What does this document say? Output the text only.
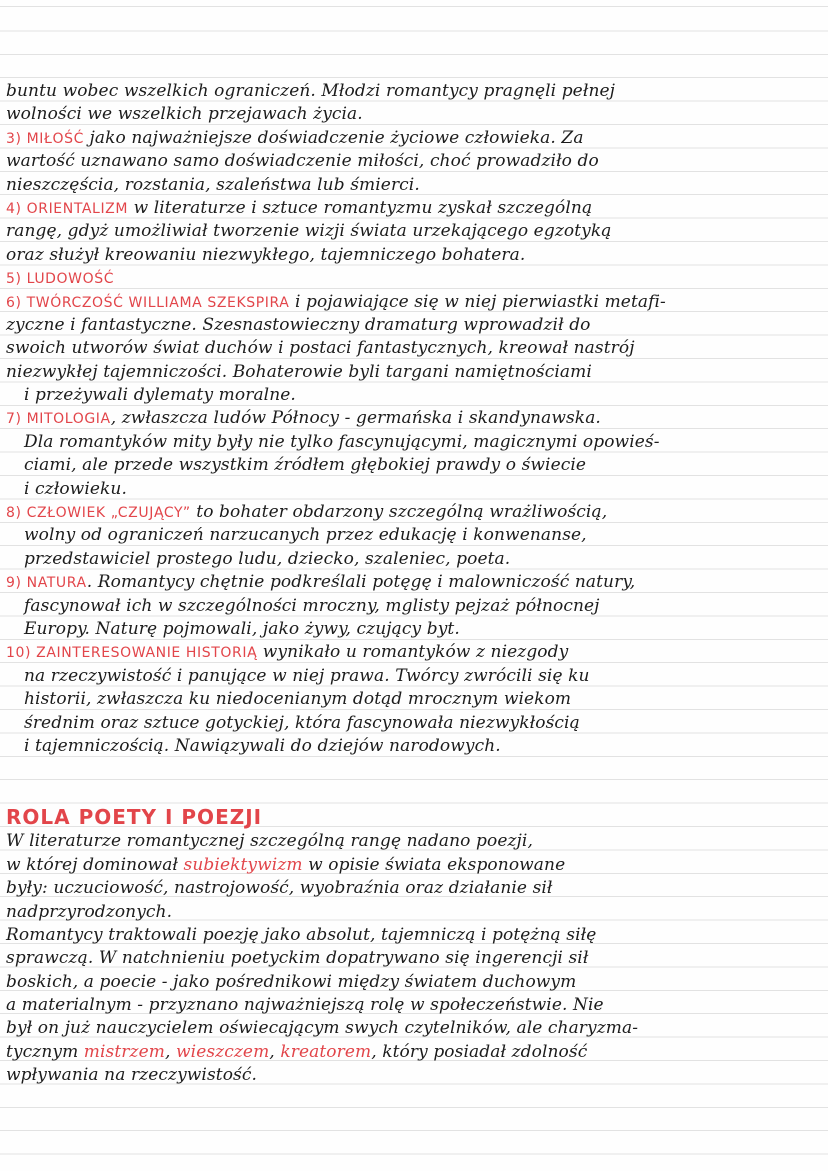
buntu wobec wszelkich ograniczeń. Młodzi romantycy pragnęli pełnej
wolności we wszelkich przejawach życia.
3) MIŁOŚĆ jako najważniejsze doświadczenie życiowe człowieka. Za
wartość uznawano samo doświadczenie miłości, choć prowadziło do
nieszczęścia, rozstania, szaleństwa lub śmierci.
4) ORIENTALIZM w literaturze i sztuce romantyzmu zyskał szczególną
rangę, gdyż umożliwiał tworzenie wizji świata urzekającego egzotyką
oraz służył kreowaniu niezwykłego, tajemniczego bohatera.
5) LUDOWOŚĆ
6) TWÓRCZOŚĆ WILLIAMA SZEKSPIRA i pojawiające się w niej pierwiastki metafi-
zyczne i fantastyczne. Szesnastowieczny dramaturg wprowadził do
swoich utworów świat duchów i postaci fantastycznych, kreował nastrój
niezwykłej tajemniczości. Bohaterowie byli targani namiętnościami
i przeżywali dylematy moralne.
7) MITOLOGIA, zwłaszcza ludów Północy - germańska i skandynawska.
Dla romantyków mity były nie tylko fascynującymi, magicznymi opowieś-
ciami, ale przede wszystkim źródłem głębokiej prawdy o świecie
i człowieku.
8) CZŁOWIEK „CZUJĄCY” to bohater obdarzony szczególną wrażliwością,
wolny od ograniczeń narzucanych przez edukację i konwenanse,
przedstawiciel prostego ludu, dziecko, szaleniec, poeta.
9) NATURA. Romantycy chętnie podkreślali potęgę i malowniczość natury,
fascynował ich w szczególności mroczny, mglisty pejzaż północnej
Europy. Naturę pojmowali, jako żywy, czujący byt.
10) ZAINTERESOWANIE HISTORIĄ wynikało u romantyków z niezgody
na rzeczywistość i panujące w niej prawa. Twórcy zwrócili się ku
historii, zwłaszcza ku niedocenianym dotąd mrocznym wiekom
średnim oraz sztuce gotyckiej, która fascynowała niezwykłością
i tajemniczością. Nawiązywali do dziejów narodowych.
ROLA POETY I POEZJI
W literaturze romantycznej szczególną rangę nadano poezji,
w której dominował subiektywizm w opisie świata eksponowane
były: uczuciowość, nastrojowość, wyobraźnia oraz działanie sił
nadprzyrodzonych.
Romantycy traktowali poezję jako absolut, tajemniczą i potężną siłę
sprawczą. W natchnieniu poetyckim dopatrywano się ingerencji sił
boskich, a poecie - jako pośrednikowi między światem duchowym
a materialnym - przyznano najważniejszą rolę w społeczeństwie. Nie
był on już nauczycielem oświecającym swych czytelników, ale charyzma-
tycznym mistrzem, wieszczem, kreatorem, który posiadał zdolność
wpływania na rzeczywistość.
